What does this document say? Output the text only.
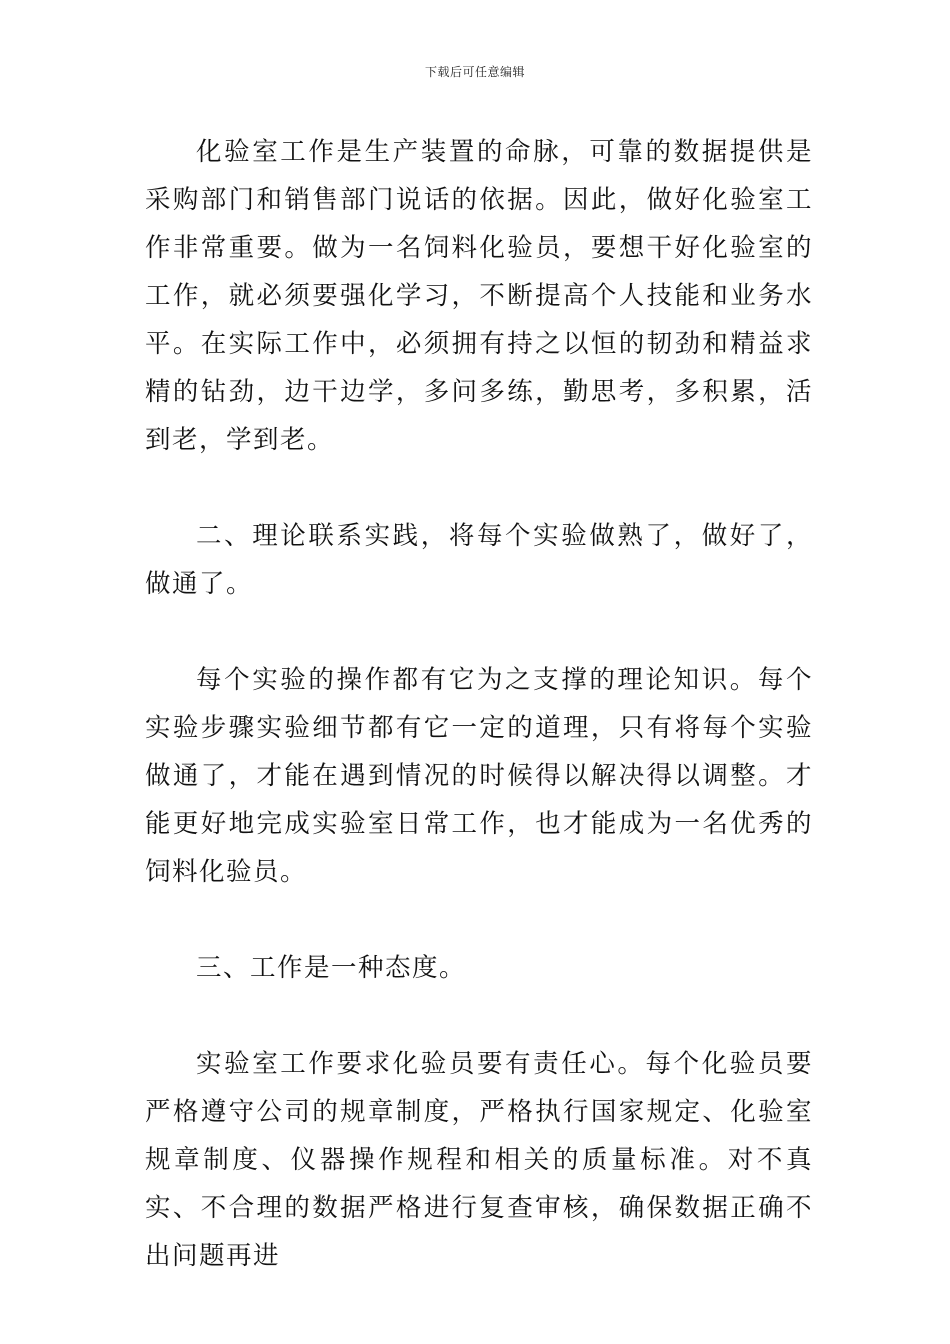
下载后可任意编辑

化验室工作是生产装置的命脉，可靠的数据提供是采购部门和销售部门说话的依据。因此，做好化验室工作非常重要。做为一名饲料化验员，要想干好化验室的工作，就必须要强化学习，不断提高个人技能和业务水平。在实际工作中，必须拥有持之以恒的韧劲和精益求精的钻劲，边干边学，多问多练，勤思考，多积累，活到老，学到老。

二、理论联系实践，将每个实验做熟了，做好了，做通了。

每个实验的操作都有它为之支撑的理论知识。每个实验步骤实验细节都有它一定的道理，只有将每个实验做通了，才能在遇到情况的时候得以解决得以调整。才能更好地完成实验室日常工作，也才能成为一名优秀的饲料化验员。

三、工作是一种态度。

实验室工作要求化验员要有责任心。每个化验员要严格遵守公司的规章制度，严格执行国家规定、化验室规章制度、仪器操作规程和相关的质量标准。对不真实、不合理的数据严格进行复查审核，确保数据正确不出问题再进
